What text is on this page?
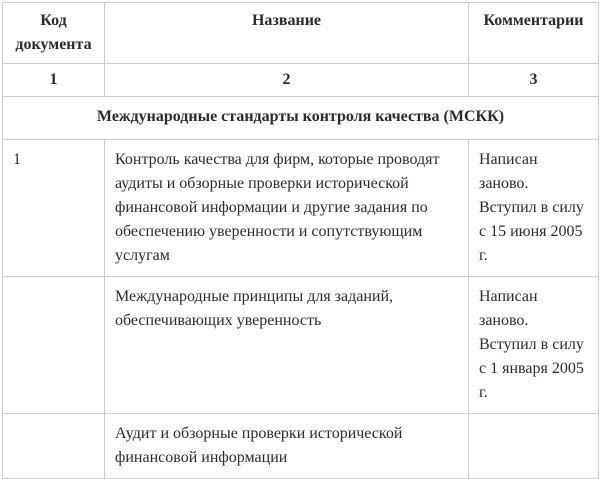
Код документа	Название	Комментарии
1	2	3
Международные стандарты контроля качества (МСКК)		
1	Контроль качества для фирм, которые проводят аудиты и обзорные проверки исторической финансовой информации и другие задания по обеспечению уверенности и сопутствующим услугам	Написан заново. Вступил в силу с 15 июня 2005 г.
	Международные принципы для заданий, обеспечивающих уверенность	Написан заново. Вступил в силу с 1 января 2005 г.
	Аудит и обзорные проверки исторической финансовой информации	
